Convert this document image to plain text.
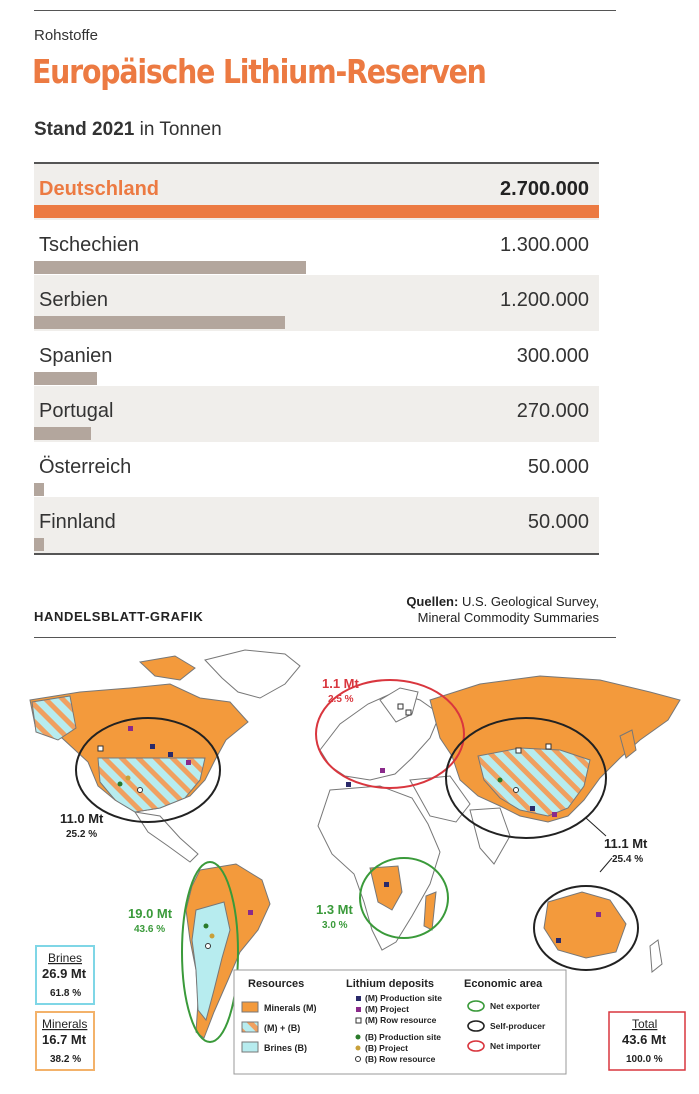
Rohstoffe
Europäische Lithium-Reserven
Stand 2021 in Tonnen
Deutschland	2.700.000
Tschechien	1.300.000
Serbien	1.200.000
Spanien	300.000
Portugal	270.000
Österreich	50.000
Finnland	50.000
HANDELSBLATT-GRAFIK
Quellen: U.S. Geological Survey,
Mineral Commodity Summaries
11.0 Mt
25.2 %
1.1 Mt
2.5 %
11.1 Mt
25.4 %
1.3 Mt
3.0 %
19.0 Mt
43.6 %
Brines
26.9 Mt
61.8 %
Minerals
16.7 Mt
38.2 %
Total
43.6 Mt
100.0 %
Resources	Lithium deposits	Economic area
Minerals (M)
(M) + (B)
Brines (B)
(M) Production site
(M) Project
(M) Row resource
(B) Production site
(B) Project
(B) Row resource
Net exporter
Self-producer
Net importer
